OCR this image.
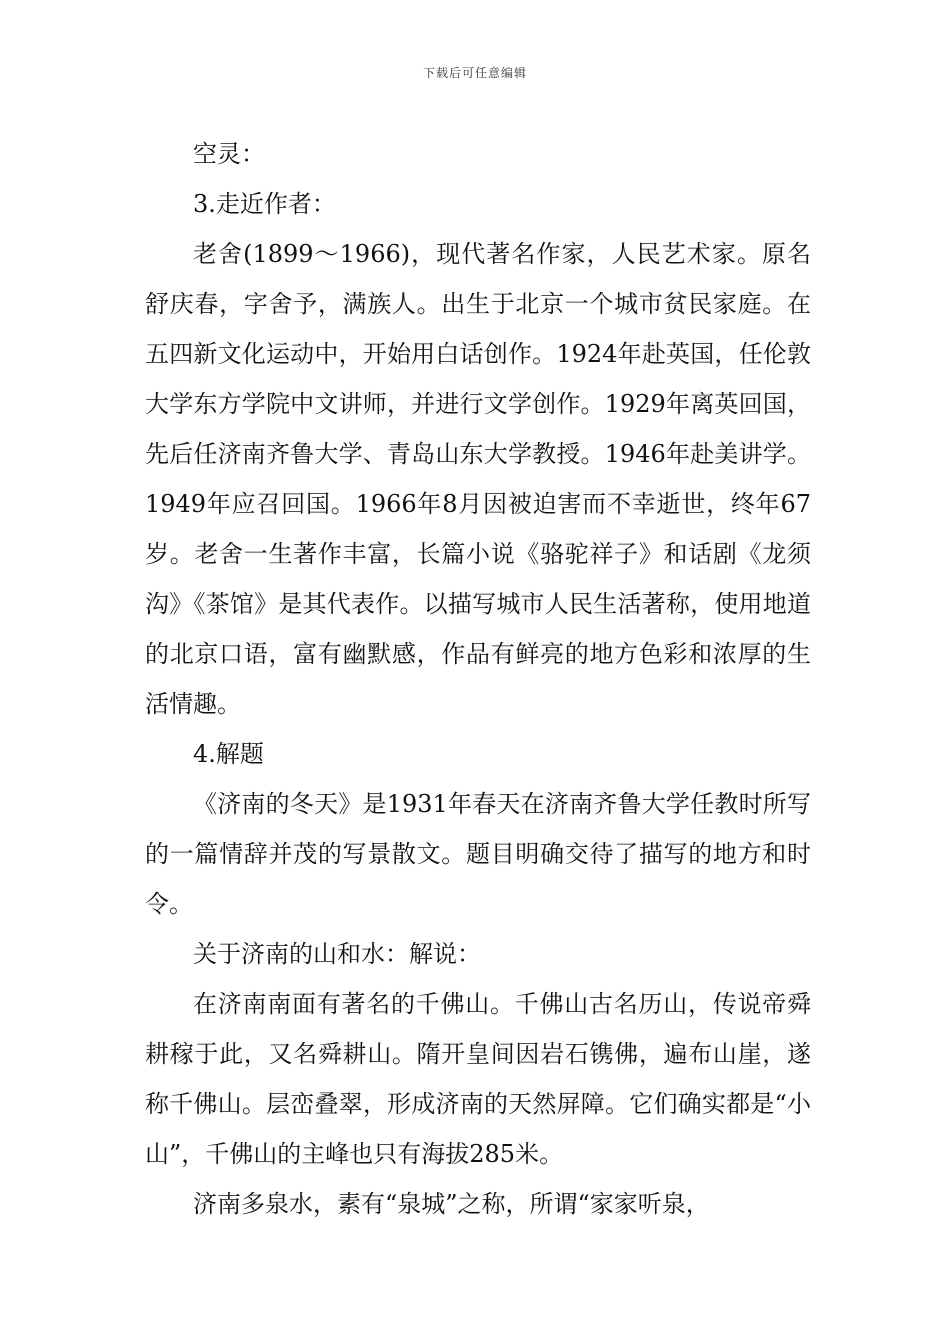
下载后可任意编辑

空灵：

3.走近作者：

老舍(1899～1966)，现代著名作家，人民艺术家。原名舒庆春，字舍予，满族人。出生于北京一个城市贫民家庭。在五四新文化运动中，开始用白话创作。1924年赴英国，任伦敦大学东方学院中文讲师，并进行文学创作。1929年离英回国，先后任济南齐鲁大学、青岛山东大学教授。1946年赴美讲学。1949年应召回国。1966年8月因被迫害而不幸逝世，终年67岁。老舍一生著作丰富，长篇小说《骆驼祥子》和话剧《龙须沟》《茶馆》是其代表作。以描写城市人民生活著称，使用地道的北京口语，富有幽默感，作品有鲜亮的地方色彩和浓厚的生活情趣。

4.解题

《济南的冬天》是1931年春天在济南齐鲁大学任教时所写的一篇情辞并茂的写景散文。题目明确交待了描写的地方和时令。

关于济南的山和水：解说：

在济南南面有著名的千佛山。千佛山古名历山，传说帝舜耕稼于此，又名舜耕山。隋开皇间因岩石镌佛，遍布山崖，遂称千佛山。层峦叠翠，形成济南的天然屏障。它们确实都是“小山”，千佛山的主峰也只有海拔285米。

济南多泉水，素有“泉城”之称，所谓“家家听泉，
